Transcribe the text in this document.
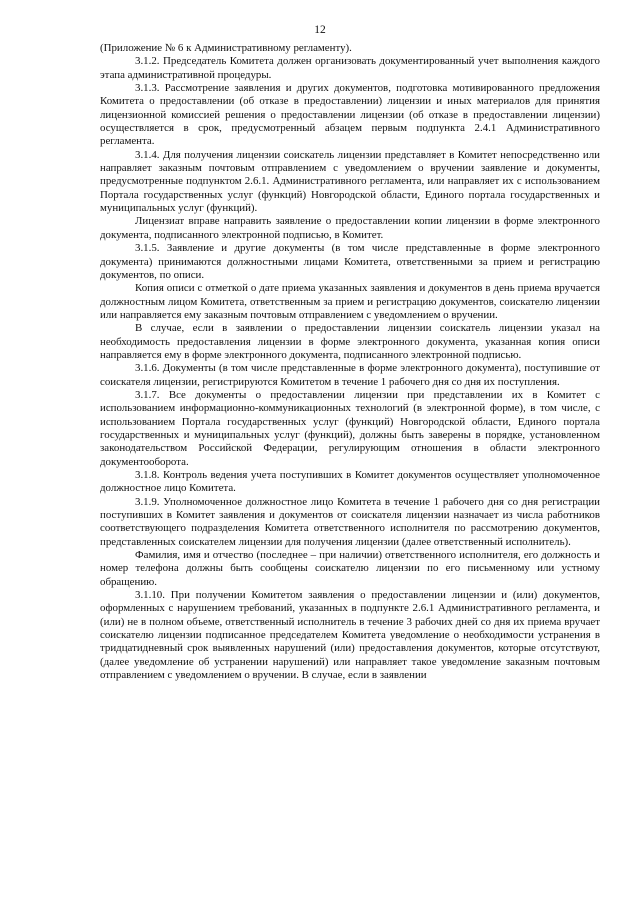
12

(Приложение № 6 к Административному регламенту).

3.1.2. Председатель Комитета должен организовать документированный учет выполнения каждого этапа административной процедуры.

3.1.3. Рассмотрение заявления и других документов, подготовка мотивированного предложения Комитета о предоставлении (об отказе в предоставлении) лицензии и иных материалов для принятия лицензионной комиссией решения о предоставлении лицензии (об отказе в предоставлении лицензии) осуществляется в срок, предусмотренный абзацем первым подпункта 2.4.1 Административного регламента.

3.1.4. Для получения лицензии соискатель лицензии представляет в Комитет непосредственно или направляет заказным почтовым отправлением с уведомлением о вручении заявление и документы, предусмотренные подпунктом 2.6.1. Административного регламента, или направляет их с использованием Портала государственных услуг (функций) Новгородской области, Единого портала государственных и муниципальных услуг (функций).

Лицензиат вправе направить заявление о предоставлении копии лицензии в форме электронного документа, подписанного электронной подписью, в Комитет.

3.1.5. Заявление и другие документы (в том числе представленные в форме электронного документа) принимаются должностными лицами Комитета, ответственными за прием и регистрацию документов, по описи.

Копия описи с отметкой о дате приема указанных заявления и документов в день приема вручается должностным лицом Комитета, ответственным за прием и регистрацию документов, соискателю лицензии или направляется ему заказным почтовым отправлением с уведомлением о вручении.

В случае, если в заявлении о предоставлении лицензии соискатель лицензии указал на необходимость предоставления лицензии в форме электронного документа, указанная копия описи направляется ему в форме электронного документа, подписанного электронной подписью.

3.1.6. Документы (в том числе представленные в форме электронного документа), поступившие от соискателя лицензии, регистрируются Комитетом в течение 1 рабочего дня со дня их поступления.

3.1.7. Все документы о предоставлении лицензии при представлении их в Комитет с использованием информационно-коммуникационных технологий (в электронной форме), в том числе, с использованием Портала государственных услуг (функций) Новгородской области, Единого портала государственных и муниципальных услуг (функций), должны быть заверены в порядке, установленном законодательством Российской Федерации, регулирующим отношения в области электронного документооборота.

3.1.8. Контроль ведения учета поступивших в Комитет документов осуществляет уполномоченное должностное лицо Комитета.

3.1.9. Уполномоченное должностное лицо Комитета в течение 1 рабочего дня со дня регистрации поступивших в Комитет заявления и документов от соискателя лицензии назначает из числа работников соответствующего подразделения Комитета ответственного исполнителя по рассмотрению документов, представленных соискателем лицензии для получения лицензии (далее ответственный исполнитель).

Фамилия, имя и отчество (последнее – при наличии) ответственного исполнителя, его должность и номер телефона должны быть сообщены соискателю лицензии по его письменному или устному обращению.

3.1.10. При получении Комитетом заявления о предоставлении лицензии и (или) документов, оформленных с нарушением требований, указанных в подпункте 2.6.1 Административного регламента, и (или) не в полном объеме, ответственный исполнитель в течение 3 рабочих дней со дня их приема вручает соискателю лицензии подписанное председателем Комитета уведомление о необходимости устранения в тридцатидневный срок выявленных нарушений (или) предоставления документов, которые отсутствуют, (далее уведомление об устранении нарушений) или направляет такое уведомление заказным почтовым отправлением с уведомлением о вручении. В случае, если в заявлении
